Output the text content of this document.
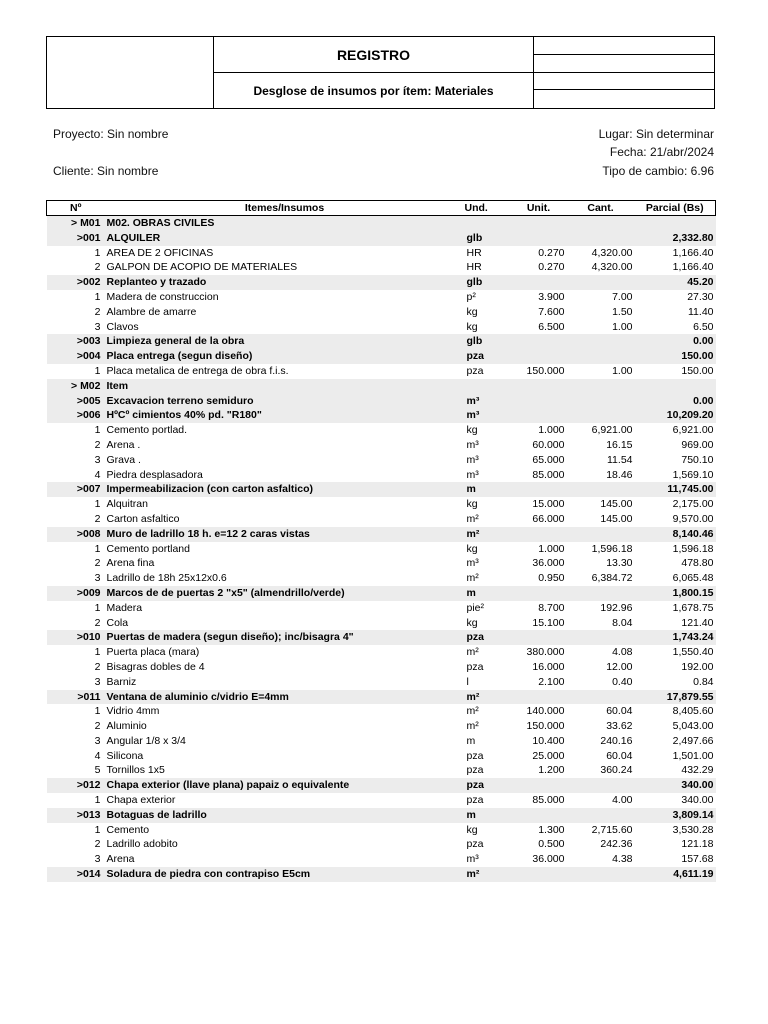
REGISTRO
Desglose de insumos por ítem: Materiales
Proyecto: Sin nombre
Cliente: Sin nombre
Lugar: Sin determinar
Fecha: 21/abr/2024
Tipo de cambio: 6.96
Nº	Itemes/Insumos	Und.	Unit.	Cant.	Parcial (Bs)
> M01	M02. OBRAS CIVILES				
>001	ALQUILER	glb			2,332.80
1	AREA DE 2 OFICINAS	HR	0.270	4,320.00	1,166.40
2	GALPON DE ACOPIO DE MATERIALES	HR	0.270	4,320.00	1,166.40
>002	Replanteo y trazado	glb			45.20
1	Madera de construccion	p²	3.900	7.00	27.30
2	Alambre de amarre	kg	7.600	1.50	11.40
3	Clavos	kg	6.500	1.00	6.50
>003	Limpieza general de la obra	glb			0.00
>004	Placa entrega (segun diseño)	pza			150.00
1	Placa metalica de entrega de obra f.i.s.	pza	150.000	1.00	150.00
> M02	Item				
>005	Excavacion terreno semiduro	m³			0.00
>006	HºCº cimientos 40% pd. "R180"	m³			10,209.20
1	Cemento portlad.	kg	1.000	6,921.00	6,921.00
2	Arena .	m³	60.000	16.15	969.00
3	Grava .	m³	65.000	11.54	750.10
4	Piedra desplasadora	m³	85.000	18.46	1,569.10
>007	Impermeabilizacion (con carton asfaltico)	m			11,745.00
1	Alquitran	kg	15.000	145.00	2,175.00
2	Carton asfaltico	m²	66.000	145.00	9,570.00
>008	Muro de ladrillo 18 h. e=12 2 caras vistas	m²			8,140.46
1	Cemento portland	kg	1.000	1,596.18	1,596.18
2	Arena fina	m³	36.000	13.30	478.80
3	Ladrillo de 18h 25x12x0.6	m²	0.950	6,384.72	6,065.48
>009	Marcos de de puertas 2 "x5" (almendrillo/verde)	m			1,800.15
1	Madera	pie²	8.700	192.96	1,678.75
2	Cola	kg	15.100	8.04	121.40
>010	Puertas de madera (segun diseño); inc/bisagra 4"	pza			1,743.24
1	Puerta placa (mara)	m²	380.000	4.08	1,550.40
2	Bisagras dobles de 4	pza	16.000	12.00	192.00
3	Barniz	l	2.100	0.40	0.84
>011	Ventana de aluminio c/vidrio E=4mm	m²			17,879.55
1	Vidrio 4mm	m²	140.000	60.04	8,405.60
2	Aluminio	m²	150.000	33.62	5,043.00
3	Angular 1/8 x 3/4	m	10.400	240.16	2,497.66
4	Silicona	pza	25.000	60.04	1,501.00
5	Tornillos 1x5	pza	1.200	360.24	432.29
>012	Chapa exterior (llave plana) papaiz o equivalente	pza			340.00
1	Chapa exterior	pza	85.000	4.00	340.00
>013	Botaguas de ladrillo	m			3,809.14
1	Cemento	kg	1.300	2,715.60	3,530.28
2	Ladrillo adobito	pza	0.500	242.36	121.18
3	Arena	m³	36.000	4.38	157.68
>014	Soladura de piedra con contrapiso E5cm	m²			4,611.19
